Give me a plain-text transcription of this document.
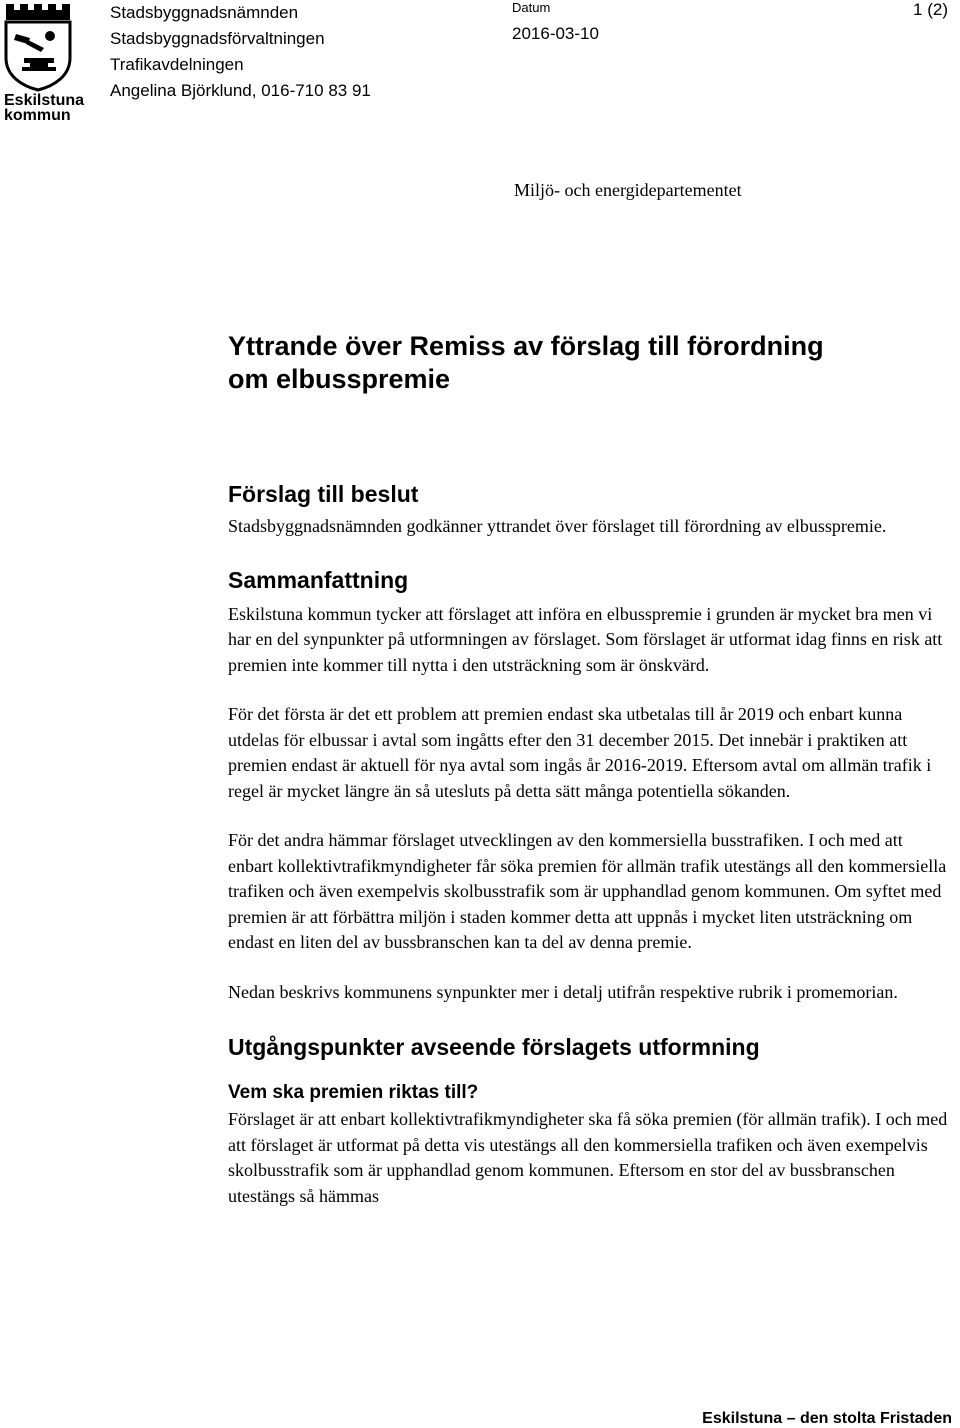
Eskilstuna
kommun
Stadsbyggnadsnämnden
Stadsbyggnadsförvaltningen
Trafikavdelningen
Angelina Björklund, 016-710 83 91
Datum
2016-03-10
1 (2)
Miljö- och energidepartementet
Yttrande över Remiss av förslag till förordning
om elbusspremie
Förslag till beslut

Stadsbyggnadsnämnden godkänner yttrandet över förslaget till förordning av elbusspremie.

Sammanfattning

Eskilstuna kommun tycker att förslaget att införa en elbusspremie i grunden är mycket bra men vi har en del synpunkter på utformningen av förslaget. Som förslaget är utformat idag finns en risk att premien inte kommer till nytta i den utsträckning som är önskvärd.

För det första är det ett problem att premien endast ska utbetalas till år 2019 och enbart kunna utdelas för elbussar i avtal som ingåtts efter den 31 december 2015. Det innebär i praktiken att premien endast är aktuell för nya avtal som ingås år 2016-2019. Eftersom avtal om allmän trafik i regel är mycket längre än så utesluts på detta sätt många potentiella sökanden.

För det andra hämmar förslaget utvecklingen av den kommersiella busstrafiken. I och med att enbart kollektivtrafikmyndigheter får söka premien för allmän trafik utestängs all den kommersiella trafiken och även exempelvis skolbusstrafik som är upphandlad genom kommunen. Om syftet med premien är att förbättra miljön i staden kommer detta att uppnås i mycket liten utsträckning om endast en liten del av bussbranschen kan ta del av denna premie.

Nedan beskrivs kommunens synpunkter mer i detalj utifrån respektive rubrik i promemorian.

Utgångspunkter avseende förslagets utformning
Vem ska premien riktas till?

Förslaget är att enbart kollektivtrafikmyndigheter ska få söka premien (för allmän trafik). I och med att förslaget är utformat på detta vis utestängs all den kommersiella trafiken och även exempelvis skolbusstrafik som är upphandlad genom kommunen. Eftersom en stor del av bussbranschen utestängs så hämmas

Eskilstuna – den stolta Fristaden
